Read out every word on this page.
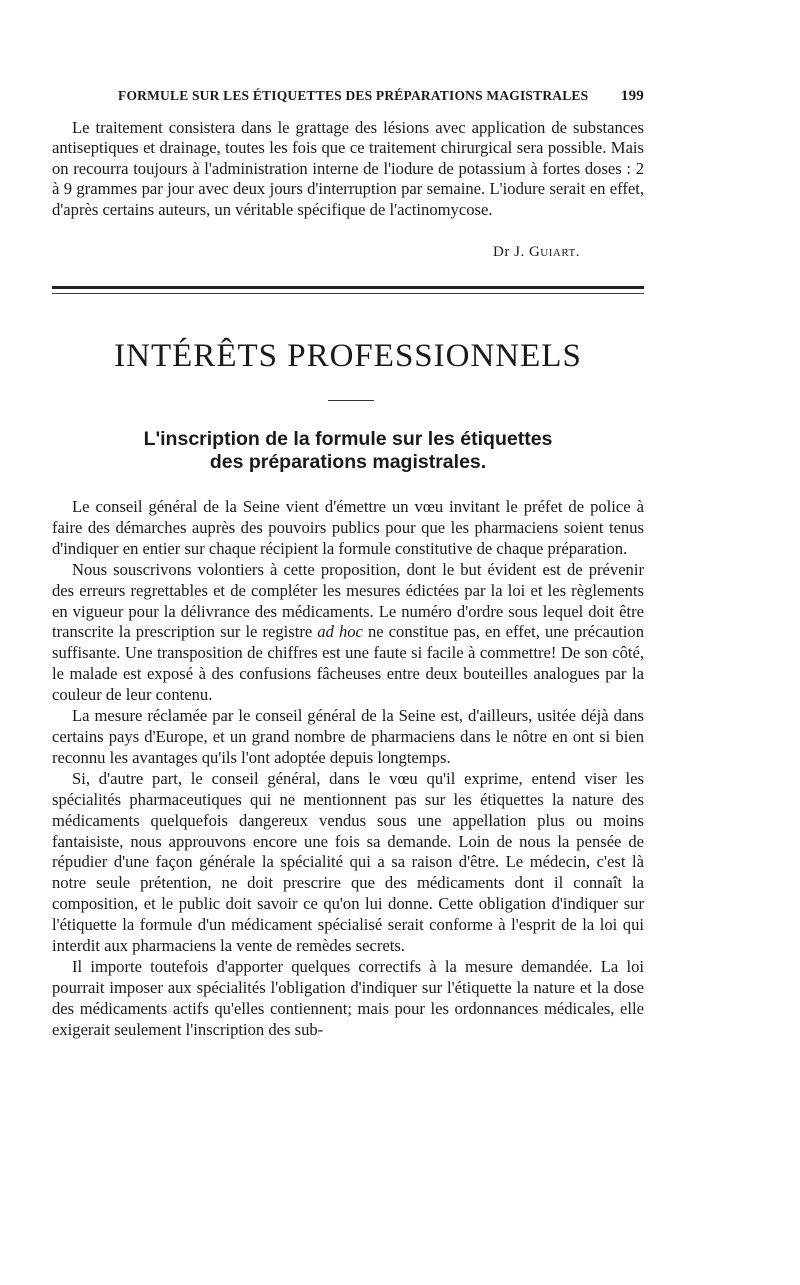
FORMULE SUR LES ÉTIQUETTES DES PRÉPARATIONS MAGISTRALES 199

Le traitement consistera dans le grattage des lésions avec application de substances antiseptiques et drainage, toutes les fois que ce traitement chirurgical sera possible. Mais on recourra toujours à l'administration interne de l'iodure de potassium à fortes doses : 2 à 9 grammes par jour avec deux jours d'interruption par semaine. L'iodure serait en effet, d'après certains auteurs, un véritable spécifique de l'actinomycose.

Dr J. Guiart.
INTÉRÊTS PROFESSIONNELS
L'inscription de la formule sur les étiquettes
des préparations magistrales.

Le conseil général de la Seine vient d'émettre un vœu invitant le préfet de police à faire des démarches auprès des pouvoirs publics pour que les pharmaciens soient tenus d'indiquer en entier sur chaque récipient la formule constitutive de chaque préparation.

Nous souscrivons volontiers à cette proposition, dont le but évident est de prévenir des erreurs regrettables et de compléter les mesures édictées par la loi et les règlements en vigueur pour la délivrance des médicaments. Le numéro d'ordre sous lequel doit être transcrite la prescription sur le registre ad hoc ne constitue pas, en effet, une précaution suffisante. Une transposition de chiffres est une faute si facile à commettre! De son côté, le malade est exposé à des confusions fâcheuses entre deux bouteilles analogues par la couleur de leur contenu.

La mesure réclamée par le conseil général de la Seine est, d'ailleurs, usitée déjà dans certains pays d'Europe, et un grand nombre de pharmaciens dans le nôtre en ont si bien reconnu les avantages qu'ils l'ont adoptée depuis longtemps.

Si, d'autre part, le conseil général, dans le vœu qu'il exprime, entend viser les spécialités pharmaceutiques qui ne mentionnent pas sur les étiquettes la nature des médicaments quelquefois dangereux vendus sous une appellation plus ou moins fantaisiste, nous approuvons encore une fois sa demande. Loin de nous la pensée de répudier d'une façon générale la spécialité qui a sa raison d'être. Le médecin, c'est là notre seule prétention, ne doit prescrire que des médicaments dont il connaît la composition, et le public doit savoir ce qu'on lui donne. Cette obligation d'indiquer sur l'étiquette la formule d'un médicament spécialisé serait conforme à l'esprit de la loi qui interdit aux pharmaciens la vente de remèdes secrets.

Il importe toutefois d'apporter quelques correctifs à la mesure demandée. La loi pourrait imposer aux spécialités l'obligation d'indiquer sur l'étiquette la nature et la dose des médicaments actifs qu'elles contiennent; mais pour les ordonnances médicales, elle exigerait seulement l'inscription des sub-
